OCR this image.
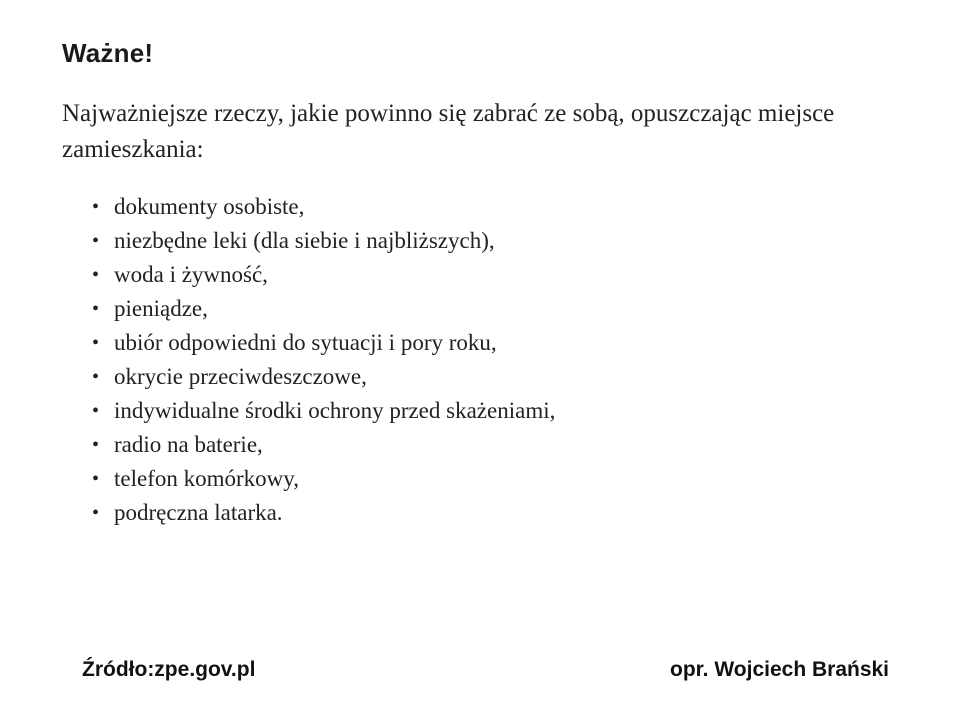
Ważne!
Najważniejsze rzeczy, jakie powinno się zabrać ze sobą, opuszczając miejsce zamieszkania:
• dokumenty osobiste,
• niezbędne leki (dla siebie i najbliższych),
• woda i żywność,
• pieniądze,
• ubiór odpowiedni do sytuacji i pory roku,
• okrycie przeciwdeszczowe,
• indywidualne środki ochrony przed skażeniami,
• radio na baterie,
• telefon komórkowy,
• podręczna latarka.
Źródło:zpe.gov.pl	opr. Wojciech Brański
